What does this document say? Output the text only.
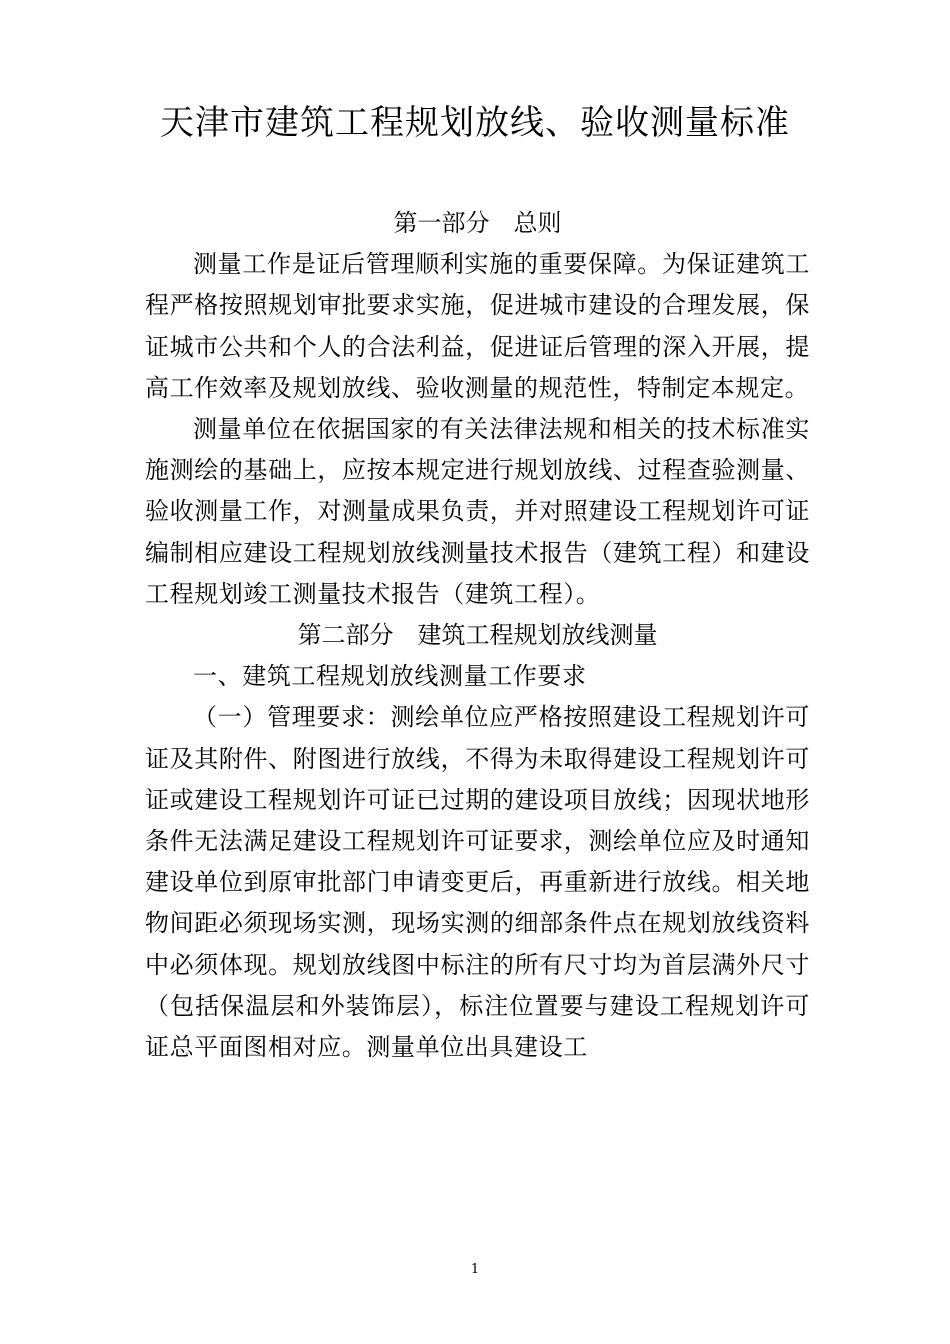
天津市建筑工程规划放线、验收测量标准
第一部分　总则

测量工作是证后管理顺利实施的重要保障。为保证建筑工程严格按照规划审批要求实施，促进城市建设的合理发展，保证城市公共和个人的合法利益，促进证后管理的深入开展，提高工作效率及规划放线、验收测量的规范性，特制定本规定。

测量单位在依据国家的有关法律法规和相关的技术标准实施测绘的基础上，应按本规定进行规划放线、过程查验测量、验收测量工作，对测量成果负责，并对照建设工程规划许可证编制相应建设工程规划放线测量技术报告（建筑工程）和建设工程规划竣工测量技术报告（建筑工程）。

第二部分　建筑工程规划放线测量

一、建筑工程规划放线测量工作要求

（一）管理要求：测绘单位应严格按照建设工程规划许可证及其附件、附图进行放线，不得为未取得建设工程规划许可证或建设工程规划许可证已过期的建设项目放线；因现状地形条件无法满足建设工程规划许可证要求，测绘单位应及时通知建设单位到原审批部门申请变更后，再重新进行放线。相关地物间距必须现场实测，现场实测的细部条件点在规划放线资料中必须体现。规划放线图中标注的所有尺寸均为首层满外尺寸（包括保温层和外装饰层），标注位置要与建设工程规划许可证总平面图相对应。测量单位出具建设工

1
